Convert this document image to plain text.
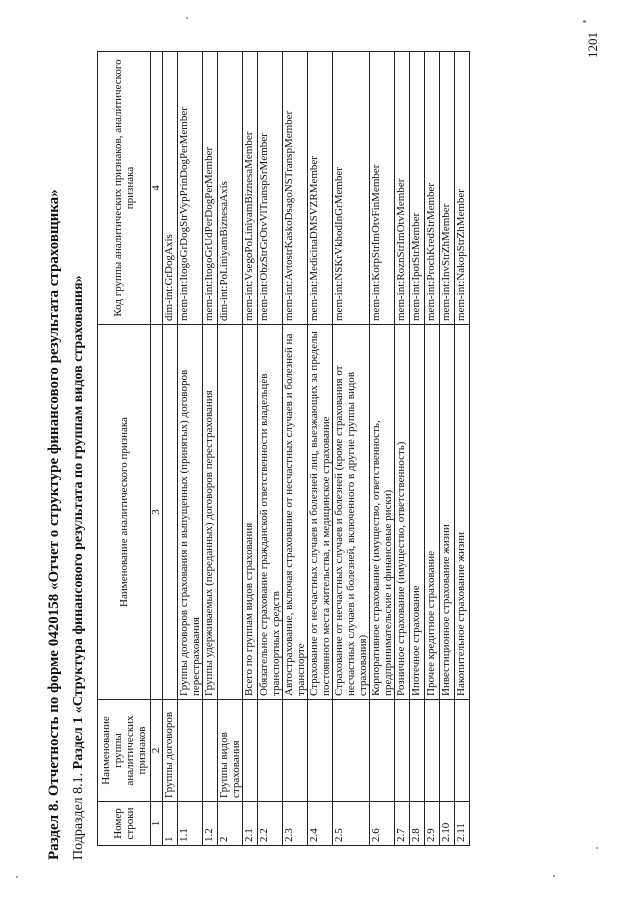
Раздел 8. Отчетность по форме 0420158 «Отчет о структуре финансового результата страховщика» Подраздел 8.1. Раздел 1 «Структура финансового результата по группам видов страхования»
Номер строки	Наименование группы аналитических признаков	Наименование аналитического признака	Код группы аналитических признаков, аналитического признака
1	2	3	4
1	Группы договоров		dim-int:GrDogAxis
1.1		Группы договоров страхования и выпущенных (принятых) договоров перестрахования	mem-int:ItogoGrDogStrVypPrinDogPerMember
1.2		Группы удерживаемых (переданных) договоров перестрахования	mem-int:ItogoGrUdPerDogPerMember
2	Группы видов страхования		dim-int:PoLiniyamBiznesaAxis
2.1		Всего по группам видов страхования	mem-int:VsegoPoLiniyamBiznesaMember
2.2		Обязательное страхование гражданской ответственности владельцев транспортных средств	mem-int:ObzStrGrOtvVlTranspSrMember
2.3		Автострахование, включая страхование от несчастных случаев и болезней на транспорте	mem-int:AvtostrKaskoDsagoNSTranspMember
2.4		Страхование от несчастных случаев и болезней лиц, выезжающих за пределы постоянного места жительства, и медицинское страхование	mem-int:MedicinaDMSVZRMember
2.5		Страхование от несчастных случаев и болезней (кроме страхования от несчастных случаев и болезней, включенного в другие группы видов страхования)	mem-int:NSKrVkhodInGrMember
2.6		Корпоративное страхование (имущество, ответственность, предпринимательские и финансовые риски)	mem-int:KorpStrImOtvFinMember
2.7		Розничное страхование (имущество, ответственность)	mem-int:RoznStrImOtvMember
2.8		Ипотечное страхование	mem-int:IpotStrMember
2.9		Прочее кредитное страхование	mem-int:ProchKredStrMember
2.10		Инвестиционное страхование жизни	mem-int:InvStrZhMember
2.11		Накопительное страхование жизни	mem-int:NakopStrZhMember
1201
